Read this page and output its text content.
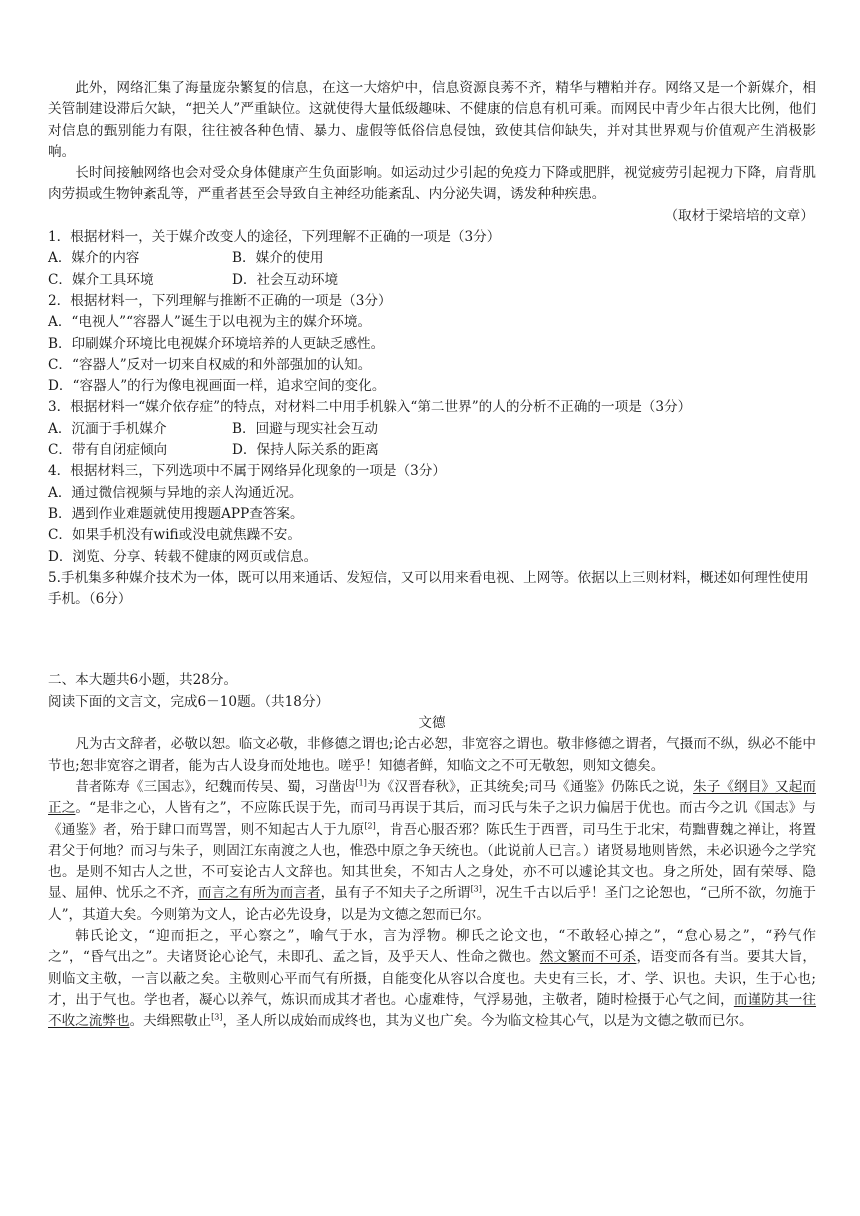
此外，网络汇集了海量庞杂繁复的信息，在这一大熔炉中，信息资源良莠不齐，精华与糟粕并存。网络又是一个新媒介，相关管制建设滞后欠缺，“把关人”严重缺位。这就使得大量低级趣味、不健康的信息有机可乘。而网民中青少年占很大比例，他们对信息的甄别能力有限，往往被各种色情、暴力、虚假等低俗信息侵蚀，致使其信仰缺失，并对其世界观与价值观产生消极影响。

长时间接触网络也会对受众身体健康产生负面影响。如运动过少引起的免疫力下降或肥胖，视觉疲劳引起视力下降，肩背肌肉劳损或生物钟紊乱等，严重者甚至会导致自主神经功能紊乱、内分泌失调，诱发种种疾患。

（取材于梁培培的文章）

1．根据材料一，关于媒介改变人的途径，下列理解不正确的一项是（3分）

A．媒介的内容	B．媒介的使用
C．媒介工具环境	D．社会互动环境

2．根据材料一，下列理解与推断不正确的一项是（3分）

A．“电视人”“容器人”诞生于以电视为主的媒介环境。

B．印刷媒介环境比电视媒介环境培养的人更缺乏感性。

C．“容器人”反对一切来自权威的和外部强加的认知。

D．“容器人”的行为像电视画面一样，追求空间的变化。

3．根据材料一“媒介依存症”的特点，对材料二中用手机躲入“第二世界”的人的分析不正确的一项是（3分）

A．沉湎于手机媒介	B．回避与现实社会互动
C．带有自闭症倾向	D．保持人际关系的距离

4．根据材料三，下列选项中不属于网络异化现象的一项是（3分）

A．通过微信视频与异地的亲人沟通近况。

B．遇到作业难题就使用搜题APP查答案。

C．如果手机没有wifi或没电就焦躁不安。

D．浏览、分享、转载不健康的网页或信息。

5.手机集多种媒介技术为一体，既可以用来通话、发短信，又可以用来看电视、上网等。依据以上三则材料，概述如何理性使用手机。（6分）

二、本大题共6小题，共28分。

阅读下面的文言文，完成6－10题。（共18分）

文德

凡为古文辞者，必敬以恕。临文必敬，非修德之谓也;论古必恕，非宽容之谓也。敬非修德之谓者，气摄而不纵，纵必不能中节也;恕非宽容之谓者，能为古人设身而处地也。嗟乎！知德者鲜，知临文之不可无敬恕，则知文德矣。

昔者陈寿《三国志》，纪魏而传吴、蜀，习凿齿[1]为《汉晋春秋》，正其统矣;司马《通鉴》仍陈氏之说，朱子《纲目》又起而正之。“是非之心，人皆有之”，不应陈氏误于先，而司马再误于其后，而习氏与朱子之识力偏居于优也。而古今之讥《国志》与《通鉴》者，殆于肆口而骂詈，则不知起古人于九原[2]，肯吾心服否邪？陈氏生于西晋，司马生于北宋，苟黜曹魏之禅让，将置君父于何地？而习与朱子，则固江东南渡之人也，惟恐中原之争天统也。（此说前人已言。）诸贤易地则皆然，未必识逊今之学究也。是则不知古人之世，不可妄论古人文辞也。知其世矣，不知古人之身处，亦不可以遽论其文也。身之所处，固有荣辱、隐显、屈伸、忧乐之不齐，而言之有所为而言者，虽有子不知夫子之所谓[3]，况生千古以后乎！圣门之论恕也，“己所不欲，勿施于人”，其道大矣。今则第为文人，论古必先设身，以是为文德之恕而已尔。

韩氏论文，“迎而拒之，平心察之”，喻气于水，言为浮物。柳氏之论文也，“不敢轻心掉之”，“怠心易之”，“矜气作之”，“昏气出之”。夫诸贤论心论气，未即孔、孟之旨，及乎天人、性命之微也。然文繁而不可杀，语变而各有当。要其大旨，则临文主敬，一言以蔽之矣。主敬则心平而气有所摄，自能变化从容以合度也。夫史有三长，才、学、识也。夫识，生于心也;才，出于气也。学也者，凝心以养气，炼识而成其才者也。心虚难恃，气浮易弛，主敬者，随时检摄于心气之间，而谨防其一往不收之流弊也。夫缉熙敬止[3]，圣人所以成始而成终也，其为义也广矣。今为临文检其心气，以是为文德之敬而已尔。
